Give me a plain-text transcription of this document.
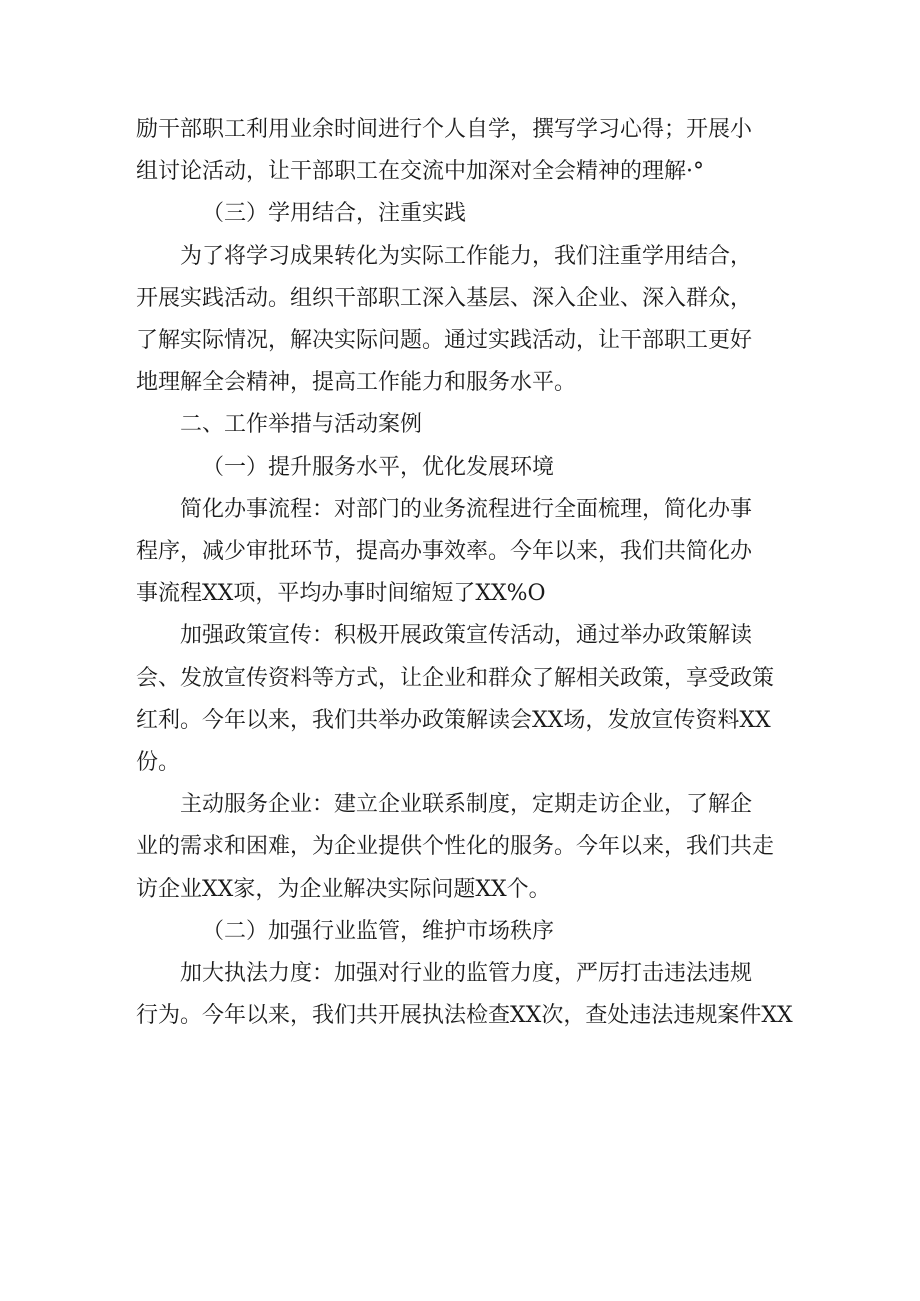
励干部职工利用业余时间进行个人自学，撰写学习心得；开展小
组讨论活动，让干部职工在交流中加深对全会精神的理解·°

（三）学用结合，注重实践

为了将学习成果转化为实际工作能力，我们注重学用结合，
开展实践活动。组织干部职工深入基层、深入企业、深入群众，
了解实际情况，解决实际问题。通过实践活动，让干部职工更好
地理解全会精神，提高工作能力和服务水平。

二、工作举措与活动案例

（一）提升服务水平，优化发展环境

简化办事流程：对部门的业务流程进行全面梳理，简化办事
程序，减少审批环节，提高办事效率。今年以来，我们共简化办
事流程XX项，平均办事时间缩短了XX%O

加强政策宣传：积极开展政策宣传活动，通过举办政策解读
会、发放宣传资料等方式，让企业和群众了解相关政策，享受政策
红利。今年以来，我们共举办政策解读会XX场，发放宣传资料XX
份。

主动服务企业：建立企业联系制度，定期走访企业，了解企
业的需求和困难，为企业提供个性化的服务。今年以来，我们共走
访企业XX家，为企业解决实际问题XX个。

（二）加强行业监管，维护市场秩序

加大执法力度：加强对行业的监管力度，严厉打击违法违规
行为。今年以来，我们共开展执法检查XX次，查处违法违规案件XX
